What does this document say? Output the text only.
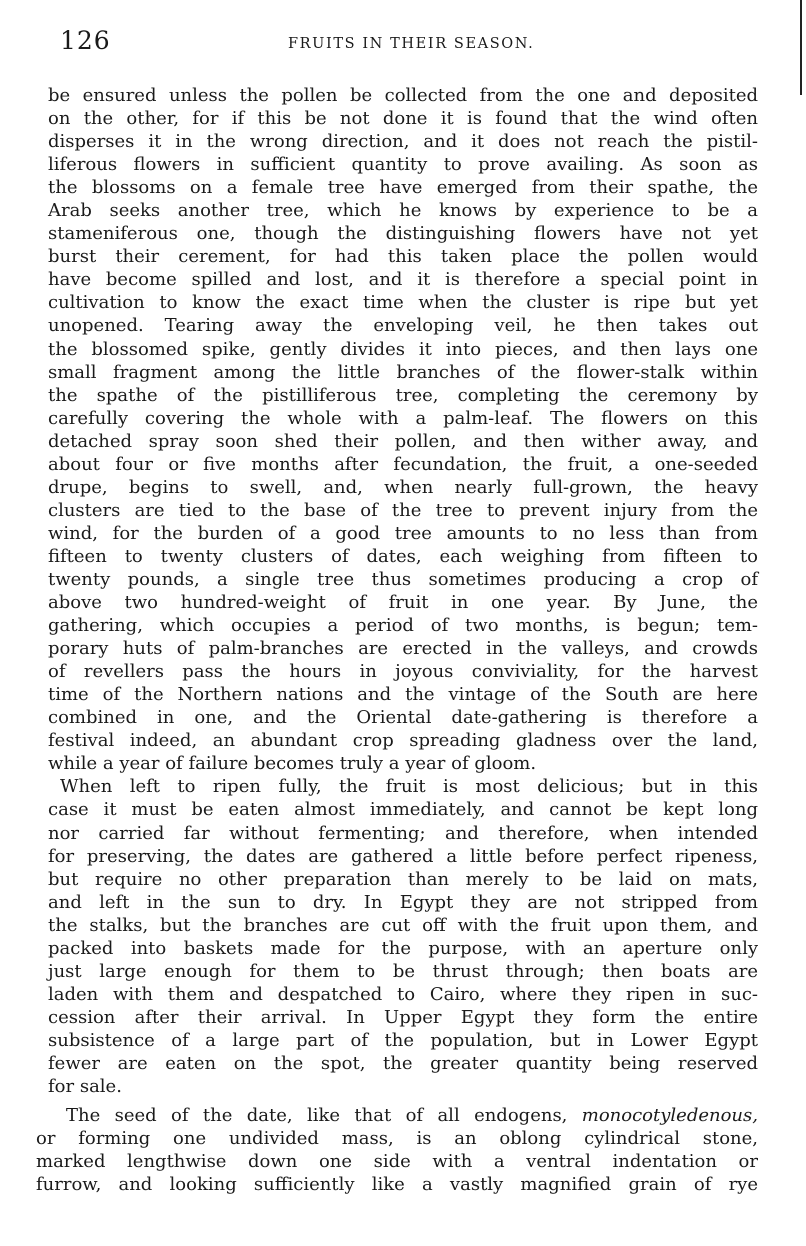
126	FRUITS IN THEIR SEASON.
be ensured unless the pollen be collected from the one and deposited
on the other, for if this be not done it is found that the wind often
disperses it in the wrong direction, and it does not reach the pistil-
liferous flowers in sufficient quantity to prove availing. As soon as
the blossoms on a female tree have emerged from their spathe, the
Arab seeks another tree, which he knows by experience to be a
stameniferous one, though the distinguishing flowers have not yet
burst their cerement, for had this taken place the pollen would
have become spilled and lost, and it is therefore a special point in
cultivation to know the exact time when the cluster is ripe but yet
unopened. Tearing away the enveloping veil, he then takes out
the blossomed spike, gently divides it into pieces, and then lays one
small fragment among the little branches of the flower-stalk within
the spathe of the pistilliferous tree, completing the ceremony by
carefully covering the whole with a palm-leaf. The flowers on this
detached spray soon shed their pollen, and then wither away, and
about four or five months after fecundation, the fruit, a one-seeded
drupe, begins to swell, and, when nearly full-grown, the heavy
clusters are tied to the base of the tree to prevent injury from the
wind, for the burden of a good tree amounts to no less than from
fifteen to twenty clusters of dates, each weighing from fifteen to
twenty pounds, a single tree thus sometimes producing a crop of
above two hundred-weight of fruit in one year. By June, the
gathering, which occupies a period of two months, is begun; tem-
porary huts of palm-branches are erected in the valleys, and crowds
of revellers pass the hours in joyous conviviality, for the harvest
time of the Northern nations and the vintage of the South are here
combined in one, and the Oriental date-gathering is therefore a
festival indeed, an abundant crop spreading gladness over the land,
while a year of failure becomes truly a year of gloom.
When left to ripen fully, the fruit is most delicious; but in this
case it must be eaten almost immediately, and cannot be kept long
nor carried far without fermenting; and therefore, when intended
for preserving, the dates are gathered a little before perfect ripeness,
but require no other preparation than merely to be laid on mats,
and left in the sun to dry. In Egypt they are not stripped from
the stalks, but the branches are cut off with the fruit upon them, and
packed into baskets made for the purpose, with an aperture only
just large enough for them to be thrust through; then boats are
laden with them and despatched to Cairo, where they ripen in suc-
cession after their arrival. In Upper Egypt they form the entire
subsistence of a large part of the population, but in Lower Egypt
fewer are eaten on the spot, the greater quantity being reserved
for sale.
The seed of the date, like that of all endogens, monocotyledenous,
or forming one undivided mass, is an oblong cylindrical stone,
marked lengthwise down one side with a ventral indentation or
furrow, and looking sufficiently like a vastly magnified grain of rye
